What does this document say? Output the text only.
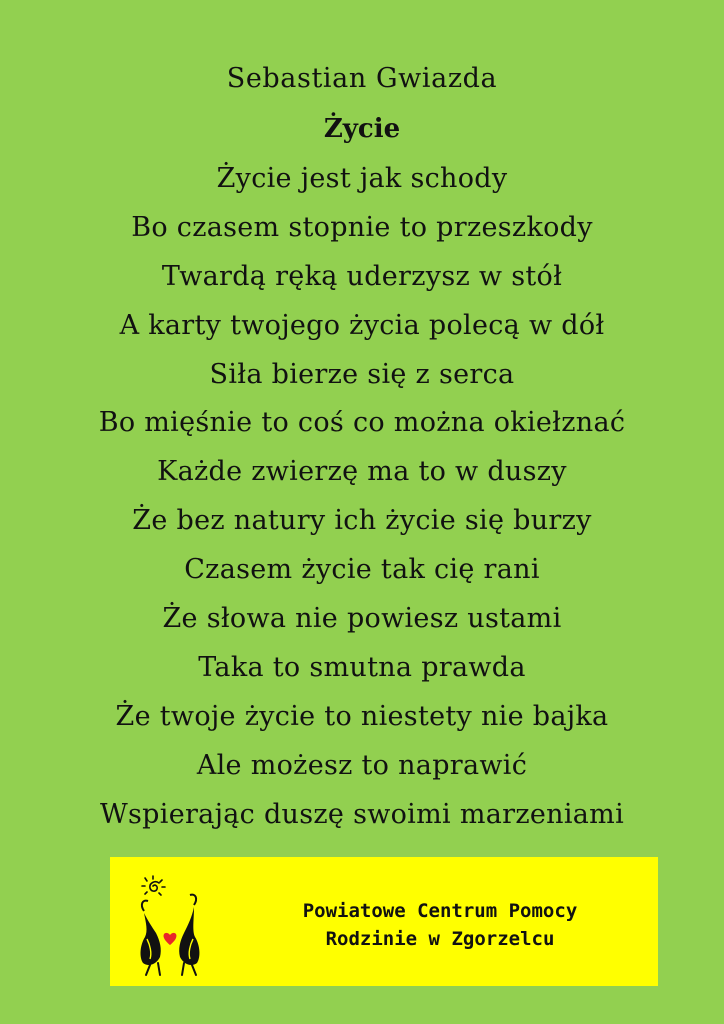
Sebastian Gwiazda
Życie
Życie jest jak schody
Bo czasem stopnie to przeszkody
Twardą ręką uderzysz w stół
A karty twojego życia polecą w dół
Siła bierze się z serca
Bo mięśnie to coś co można okiełznać
Każde zwierzę ma to w duszy
Że bez natury ich życie się burzy
Czasem życie tak cię rani
Że słowa nie powiesz ustami
Taka to smutna prawda
Że twoje życie to niestety nie bajka
Ale możesz to naprawić
Wspierając duszę swoimi marzeniami
Powiatowe Centrum Pomocy
Rodzinie w Zgorzelcu
